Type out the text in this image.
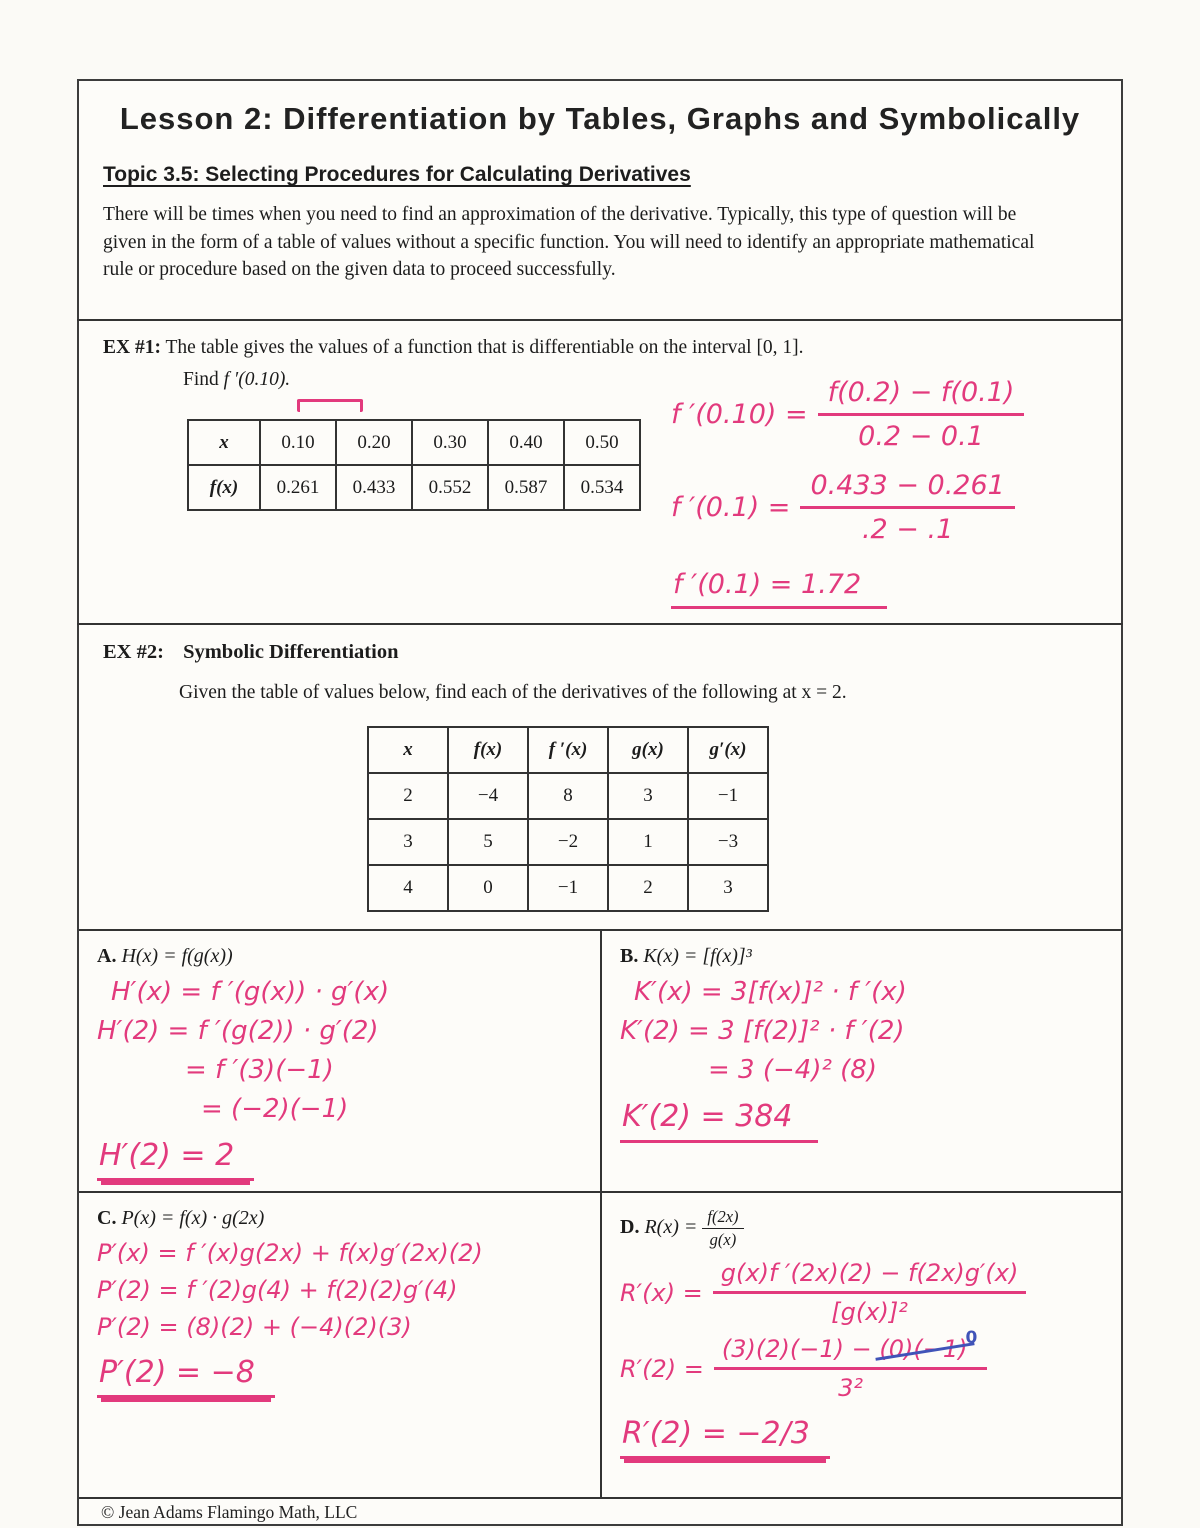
Lesson 2: Differentiation by Tables, Graphs and Symbolically
Topic 3.5: Selecting Procedures for Calculating Derivatives
There will be times when you need to find an approximation of the derivative. Typically, this type of question will be given in the form of a table of values without a specific function. You will need to identify an appropriate mathematical rule or procedure based on the given data to proceed successfully.
EX #1: The table gives the values of a function that is differentiable on the interval [0, 1].
Find f ′(0.10).
x	0.10	0.20	0.30	0.40	0.50
f(x)	0.261	0.433	0.552	0.587	0.534
f $'(0.10) = \frac{f(0.2) - f(0.1)}{0.2 - 0.1}$
f $'(0.1) = \frac{0.433 - 0.261}{.2 - .1}$
f ′(0.1) = 1.72
EX #2: Symbolic Differentiation
Given the table of values below, find each of the derivatives of the following at x = 2.
x	f(x)	f ′(x)	g(x)	g′(x)
2	−4	8	3	−1
3	5	−2	1	−3
4	0	−1	2	3
A. H(x) = f(g(x))
H′(x) = f ′(g(x)) · g′(x)
H′(2) = f ′(g(2)) · g′(2)
= f ′(3)(−1)
= (−2)(−1)
H′(2) = 2
B. K(x) = [f(x)]³
K′(x) = 3[f(x)]² · f ′(x)
K′(2) = 3 [f(2)]² · f ′(2)
= 3 (−4)² (8)
K′(2) = 384
C. P(x) = f(x) · g(2x)
P′(x) = f ′(x)g(2x) + f(x)g′(2x)(2)
P′(2) = f ′(2)g(4) + f(2)(2)g′(4)
P′(2) = (8)(2) + (−4)(2)(3)
P′(2) = −8
D. $R(x) = \frac{f(2x)}{g(x)}$
$R'(x) = \frac{g(x)f '(2x)(2) - f(2x)g'(x)}{\text{[g(x)]²}}$
$R'(2) = \frac{(3)(2)(-1) - (0)(-1)^0}{\text{3²}}$
R′(2) = −2/3
© Jean Adams Flamingo Math, LLC
